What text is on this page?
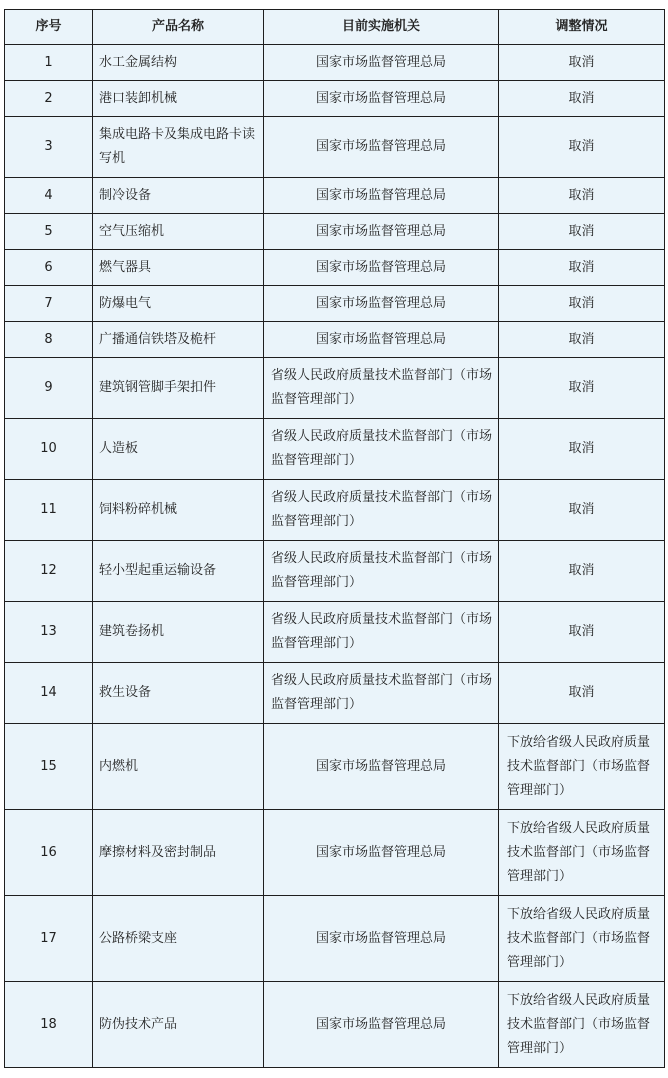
序号	产品名称	目前实施机关	调整情况
1	水工金属结构	国家市场监督管理总局	取消
2	港口装卸机械	国家市场监督管理总局	取消
3	集成电路卡及集成电路卡读写机	国家市场监督管理总局	取消
4	制冷设备	国家市场监督管理总局	取消
5	空气压缩机	国家市场监督管理总局	取消
6	燃气器具	国家市场监督管理总局	取消
7	防爆电气	国家市场监督管理总局	取消
8	广播通信铁塔及桅杆	国家市场监督管理总局	取消
9	建筑钢管脚手架扣件	省级人民政府质量技术监督部门（市场监督管理部门）	取消
10	人造板	省级人民政府质量技术监督部门（市场监督管理部门）	取消
11	饲料粉碎机械	省级人民政府质量技术监督部门（市场监督管理部门）	取消
12	轻小型起重运输设备	省级人民政府质量技术监督部门（市场监督管理部门）	取消
13	建筑卷扬机	省级人民政府质量技术监督部门（市场监督管理部门）	取消
14	救生设备	省级人民政府质量技术监督部门（市场监督管理部门）	取消
15	内燃机	国家市场监督管理总局	下放给省级人民政府质量技术监督部门（市场监督管理部门）
16	摩擦材料及密封制品	国家市场监督管理总局	下放给省级人民政府质量技术监督部门（市场监督管理部门）
17	公路桥梁支座	国家市场监督管理总局	下放给省级人民政府质量技术监督部门（市场监督管理部门）
18	防伪技术产品	国家市场监督管理总局	下放给省级人民政府质量技术监督部门（市场监督管理部门）
